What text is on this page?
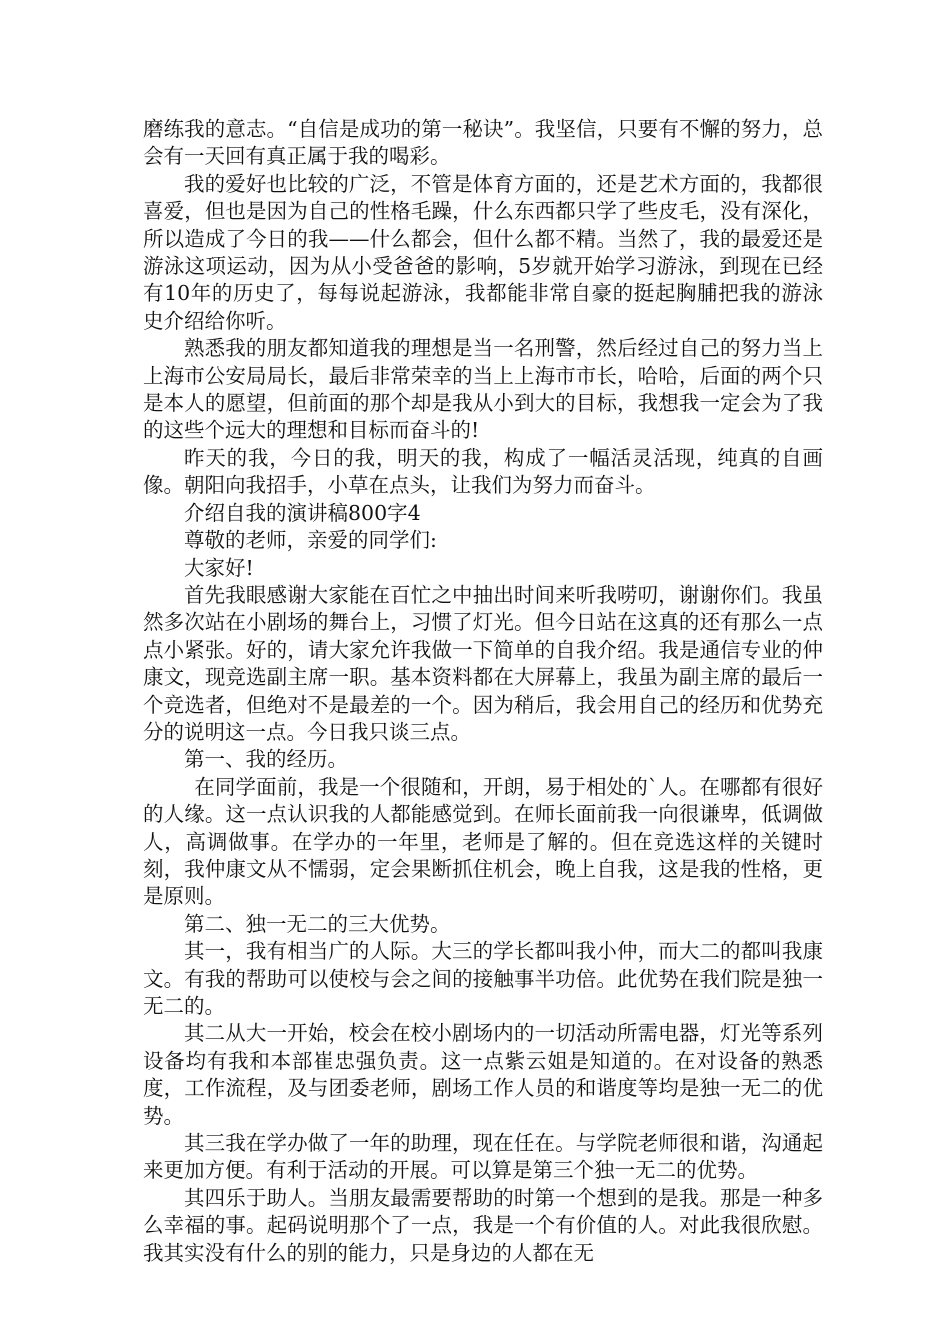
磨练我的意志。“自信是成功的第一秘诀”。我坚信，只要有不懈的努力，总会有一天回有真正属于我的喝彩。

我的爱好也比较的广泛，不管是体育方面的，还是艺术方面的，我都很喜爱，但也是因为自己的性格毛躁，什么东西都只学了些皮毛，没有深化，所以造成了今日的我——什么都会，但什么都不精。当然了，我的最爱还是游泳这项运动，因为从小受爸爸的影响，5岁就开始学习游泳，到现在已经有10年的历史了，每每说起游泳，我都能非常自豪的挺起胸脯把我的游泳史介绍给你听。

熟悉我的朋友都知道我的理想是当一名刑警，然后经过自己的努力当上上海市公安局局长，最后非常荣幸的当上上海市市长，哈哈，后面的两个只是本人的愿望，但前面的那个却是我从小到大的目标，我想我一定会为了我的这些个远大的理想和目标而奋斗的!

昨天的我，今日的我，明天的我，构成了一幅活灵活现，纯真的自画像。朝阳向我招手，小草在点头，让我们为努力而奋斗。

介绍自我的演讲稿800字4

尊敬的老师，亲爱的同学们:

大家好!

首先我眼感谢大家能在百忙之中抽出时间来听我唠叨，谢谢你们。我虽然多次站在小剧场的舞台上，习惯了灯光。但今日站在这真的还有那么一点点小紧张。好的，请大家允许我做一下简单的自我介绍。我是通信专业的仲康文，现竞选副主席一职。基本资料都在大屏幕上，我虽为副主席的最后一个竞选者，但绝对不是最差的一个。因为稍后，我会用自己的经历和优势充分的说明这一点。今日我只谈三点。

第一、我的经历。

在同学面前，我是一个很随和，开朗，易于相处的`人。在哪都有很好的人缘。这一点认识我的人都能感觉到。在师长面前我一向很谦卑，低调做人，高调做事。在学办的一年里，老师是了解的。但在竞选这样的关键时刻，我仲康文从不懦弱，定会果断抓住机会，晚上自我，这是我的性格，更是原则。

第二、独一无二的三大优势。

其一，我有相当广的人际。大三的学长都叫我小仲，而大二的都叫我康文。有我的帮助可以使校与会之间的接触事半功倍。此优势在我们院是独一无二的。

其二从大一开始，校会在校小剧场内的一切活动所需电器，灯光等系列设备均有我和本部崔忠强负责。这一点紫云姐是知道的。在对设备的熟悉度，工作流程，及与团委老师，剧场工作人员的和谐度等均是独一无二的优势。

其三我在学办做了一年的助理，现在任在。与学院老师很和谐，沟通起来更加方便。有利于活动的开展。可以算是第三个独一无二的优势。

其四乐于助人。当朋友最需要帮助的时第一个想到的是我。那是一种多么幸福的事。起码说明那个了一点，我是一个有价值的人。对此我很欣慰。我其实没有什么的别的能力，只是身边的人都在无
